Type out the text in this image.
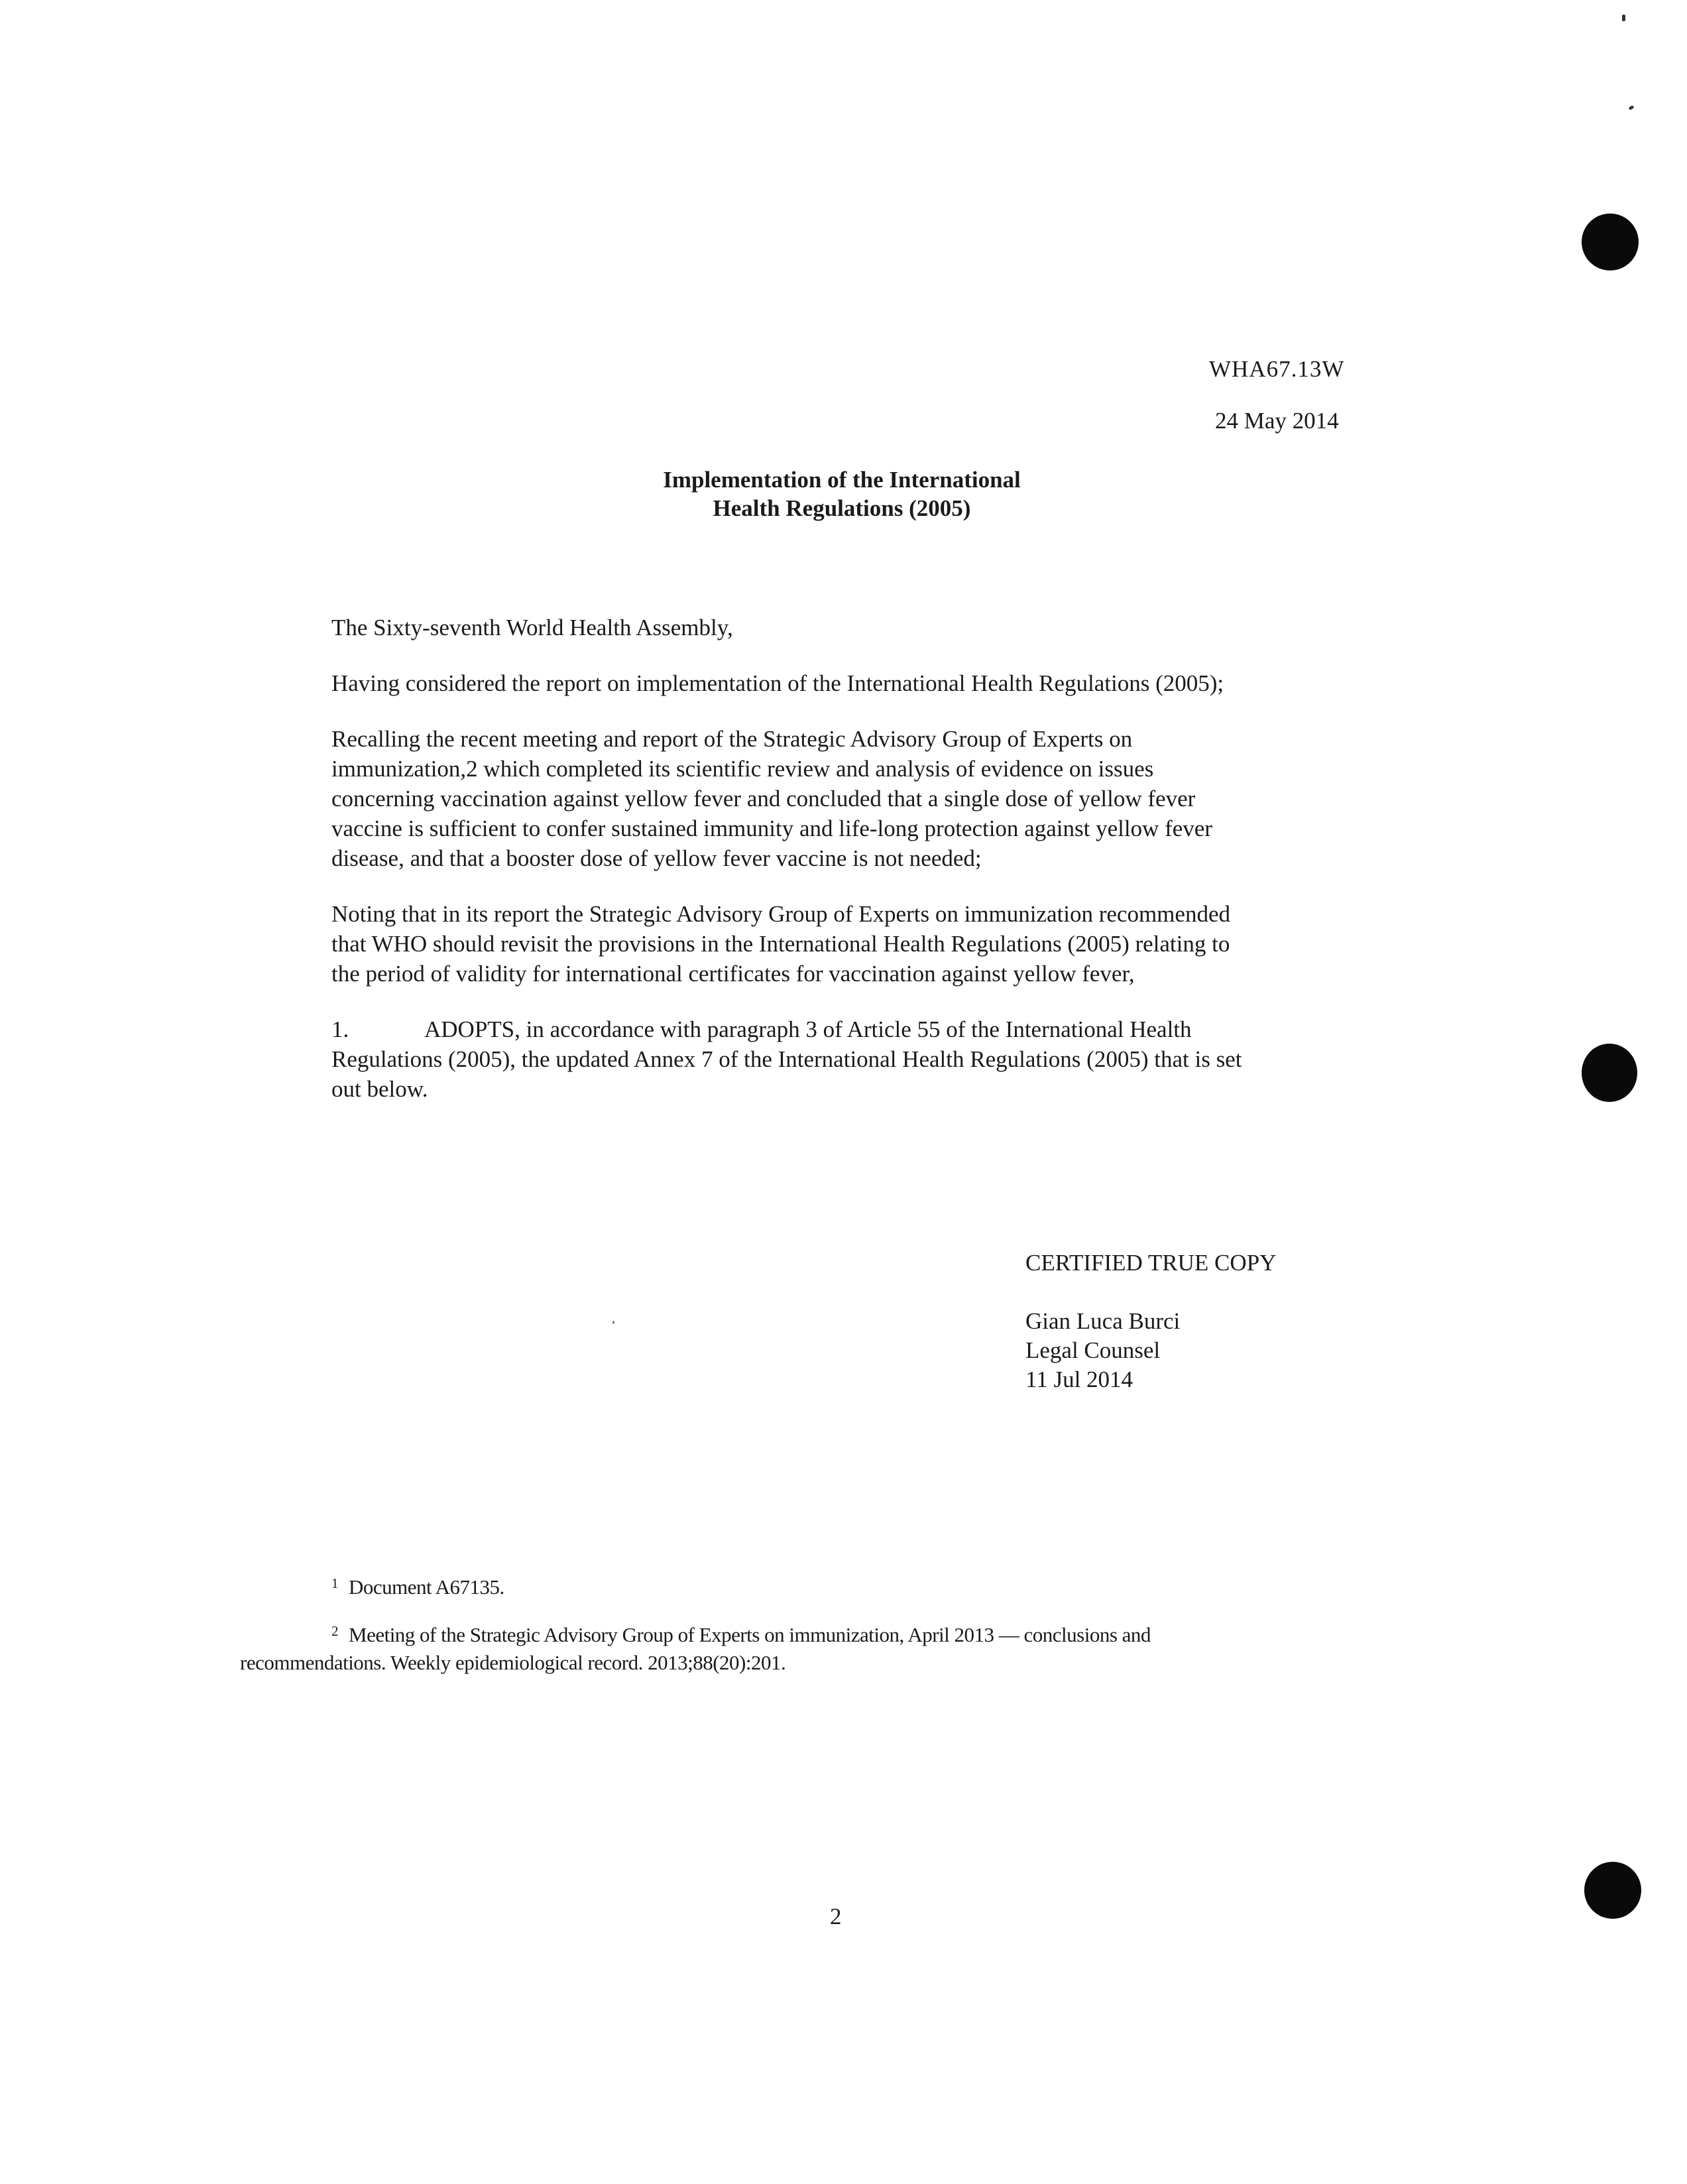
WHA67.13W

24 May 2014

Implementation of the International

Health Regulations (2005)

The Sixty-seventh World Health Assembly,

Having considered the report on implementation of the International Health Regulations (2005);

Recalling the recent meeting and report of the Strategic Advisory Group of Experts on
immunization,2 which completed its scientific review and analysis of evidence on issues
concerning vaccination against yellow fever and concluded that a single dose of yellow fever
vaccine is sufficient to confer sustained immunity and life-long protection against yellow fever
disease, and that a booster dose of yellow fever vaccine is not needed;

Noting that in its report the Strategic Advisory Group of Experts on immunization recommended
that WHO should revisit the provisions in the International Health Regulations (2005) relating to
the period of validity for international certificates for vaccination against yellow fever,

1.	ADOPTS, in accordance with paragraph 3 of Article 55 of the International Health
Regulations (2005), the updated Annex 7 of the International Health Regulations (2005) that is set
out below.

CERTIFIED TRUE COPY

Gian Luca Burci

Legal Counsel

11 Jul 2014

$^1$ Document A67135.

$^2$ Meeting of the Strategic Advisory Group of Experts on immunization, April 2013 — conclusions and

recommendations. Weekly epidemiological record. 2013;88(20):201.

2
